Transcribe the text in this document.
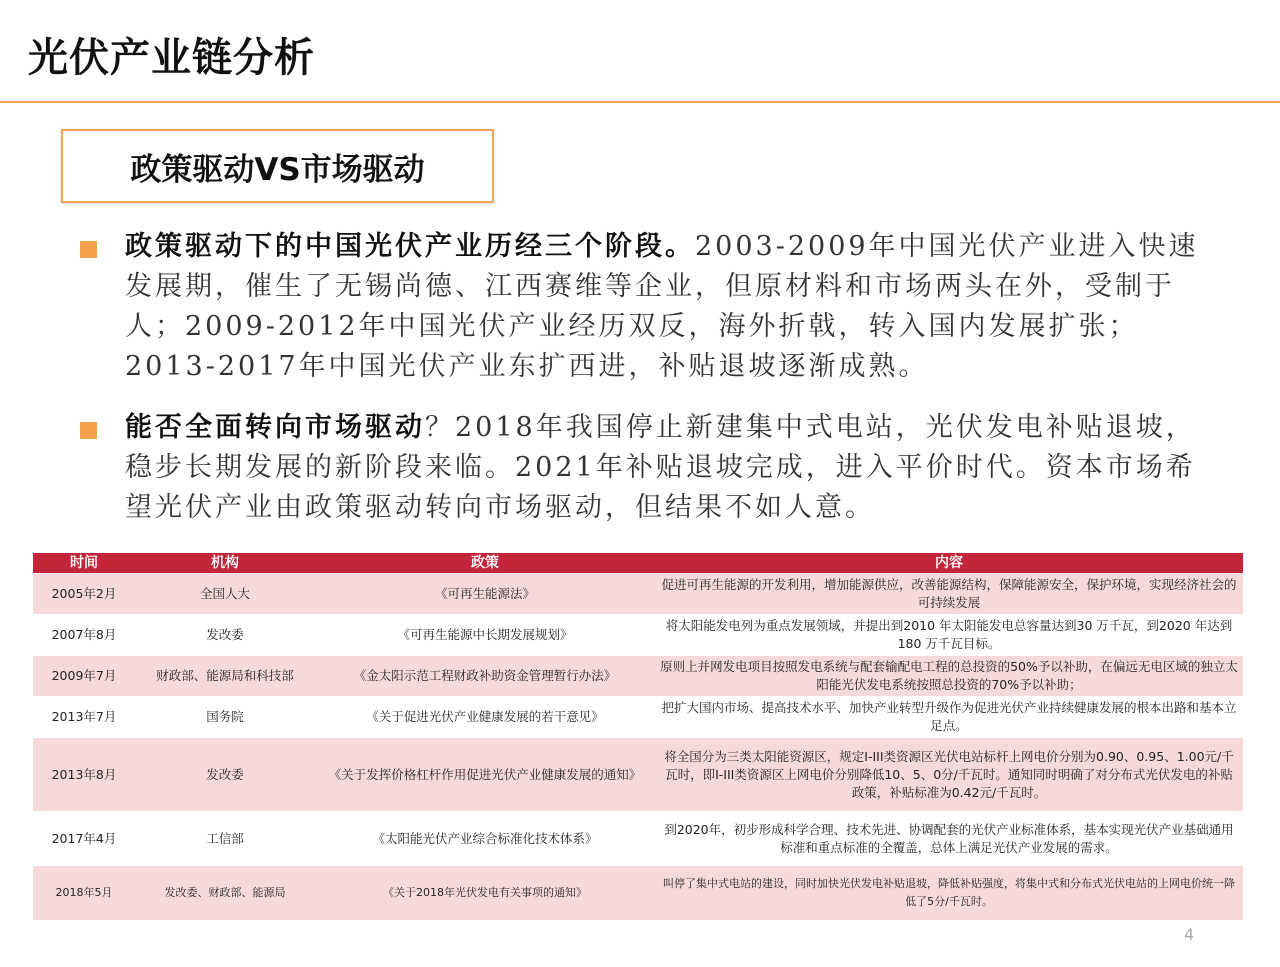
光伏产业链分析
政策驱动VS市场驱动
政策驱动下的中国光伏产业历经三个阶段。2003-2009年中国光伏产业进入快速发展期，催生了无锡尚德、江西赛维等企业，但原材料和市场两头在外，受制于人；2009-2012年中国光伏产业经历双反，海外折戟，转入国内发展扩张；2013-2017年中国光伏产业东扩西进，补贴退坡逐渐成熟。
能否全面转向市场驱动？2018年我国停止新建集中式电站，光伏发电补贴退坡，稳步长期发展的新阶段来临。2021年补贴退坡完成，进入平价时代。资本市场希望光伏产业由政策驱动转向市场驱动，但结果不如人意。
时间	机构	政策	内容
2005年2月	全国人大	《可再生能源法》	促进可再生能源的开发利用，增加能源供应，改善能源结构，保障能源安全，保护环境，实现经济社会的可持续发展
2007年8月	发改委	《可再生能源中长期发展规划》	将太阳能发电列为重点发展领域，并提出到2010 年太阳能发电总容量达到30 万千瓦，到2020 年达到180 万千瓦目标。
2009年7月	财政部、能源局和科技部	《金太阳示范工程财政补助资金管理暂行办法》	原则上并网发电项目按照发电系统与配套输配电工程的总投资的50%予以补助，在偏远无电区域的独立太阳能光伏发电系统按照总投资的70%予以补助；
2013年7月	国务院	《关于促进光伏产业健康发展的若干意见》	把扩大国内市场、提高技术水平、加快产业转型升级作为促进光伏产业持续健康发展的根本出路和基本立足点。
2013年8月	发改委	《关于发挥价格杠杆作用促进光伏产业健康发展的通知》	将全国分为三类太阳能资源区，规定I-III类资源区光伏电站标杆上网电价分别为0.90、0.95、1.00元/千瓦时，即I-III类资源区上网电价分别降低10、5、0分/千瓦时。通知同时明确了对分布式光伏发电的补贴政策，补贴标准为0.42元/千瓦时。
2017年4月	工信部	《太阳能光伏产业综合标准化技术体系》	到2020年，初步形成科学合理、技术先进、协调配套的光伏产业标准体系，基本实现光伏产业基础通用标准和重点标准的全覆盖，总体上满足光伏产业发展的需求。
2018年5月	发改委、财政部、能源局	《关于2018年光伏发电有关事项的通知》	叫停了集中式电站的建设，同时加快光伏发电补贴退坡，降低补贴强度，将集中式和分布式光伏电站的上网电价统一降低了5分/千瓦时。
4
